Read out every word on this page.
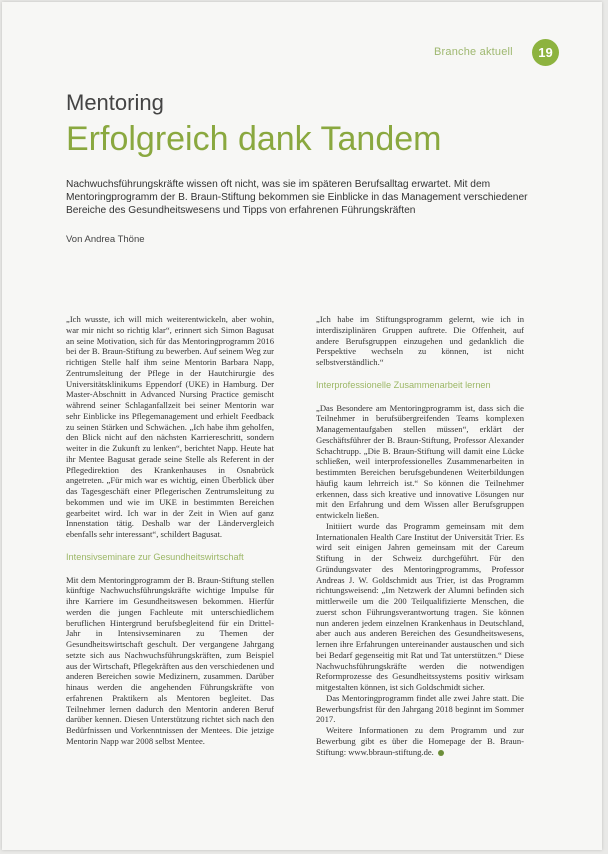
Branche aktuell	19
Mentoring
Erfolgreich dank Tandem
Nachwuchsführungskräfte wissen oft nicht, was sie im späteren Berufsalltag erwartet. Mit dem Mentoringprogramm der B. Braun-Stiftung bekommen sie Einblicke in das Management verschiedener Bereiche des Gesundheitswesens und Tipps von erfahrenen Führungskräften
Von Andrea Thöne

„Ich wusste, ich will mich weiterentwickeln, aber wohin, war mir nicht so richtig klar“, erinnert sich Simon Bagusat an seine Motivation, sich für das Mentoringprogramm 2016 bei der B. Braun-Stiftung zu bewerben. Auf seinem Weg zur richtigen Stelle half ihm seine Mentorin Barbara Napp, Zentrumsleitung der Pflege in der Hautchirurgie des Universitätsklinikums Eppendorf (UKE) in Hamburg. Der Master-Abschnitt in Advanced Nursing Practice gemischt während seiner Schlaganfallzeit bei seiner Mentorin war sehr Einblicke ins Pflegemanagement und erhielt Feedback zu seinen Stärken und Schwächen. „Ich habe ihm geholfen, den Blick nicht auf den nächsten Karriereschritt, sondern weiter in die Zukunft zu lenken“, berichtet Napp. Heute hat ihr Mentee Bagusat gerade seine Stelle als Referent in der Pflegedirektion des Krankenhauses in Osnabrück angetreten. „Für mich war es wichtig, einen Überblick über das Tagesgeschäft einer Pflegerischen Zentrumsleitung zu bekommen und wie im UKE in bestimmten Bereichen gearbeitet wird. Ich war in der Zeit in Wien auf ganz Innenstation tätig. Deshalb war der Ländervergleich ebenfalls sehr interessant“, schildert Bagusat.

Intensivseminare zur Gesundheitswirtschaft

Mit dem Mentoringprogramm der B. Braun-Stiftung stellen künftige Nachwuchsführungskräfte wichtige Impulse für ihre Karriere im Gesundheitswesen bekommen. Hierfür werden die jungen Fachleute mit unterschiedlichem beruflichen Hintergrund berufsbegleitend für ein Drittel-Jahr in Intensivseminaren zu Themen der Gesundheitswirtschaft geschult. Der vergangene Jahrgang setzte sich aus Nachwuchsführungskräften, zum Beispiel aus der Wirtschaft, Pflegekräften aus den verschiedenen und anderen Bereichen sowie Medizinern, zusammen. Darüber hinaus werden die angehenden Führungskräfte von erfahrenen Praktikern als Mentoren begleitet. Das Teilnehmer lernen dadurch den Mentorin anderen Beruf darüber kennen. Diesen Unterstützung richtet sich nach den Bedürfnissen und Vorkenntnissen der Mentees. Die jetzige Mentorin Napp war 2008 selbst Mentee.

„Ich habe im Stiftungsprogramm gelernt, wie ich in interdisziplinären Gruppen auftrete. Die Offenheit, auf andere Berufsgruppen einzugehen und gedanklich die Perspektive wechseln zu können, ist nicht selbstverständlich.“

Interprofessionelle Zusammenarbeit lernen

„Das Besondere am Mentoringprogramm ist, dass sich die Teilnehmer in berufsübergreifenden Teams komplexen Managementaufgaben stellen müssen“, erklärt der Geschäftsführer der B. Braun-Stiftung, Professor Alexander Schachtrupp. „Die B. Braun-Stiftung will damit eine Lücke schließen, weil interprofessionelles Zusammenarbeiten in bestimmten Bereichen berufsgebundenen Weiterbildungen häufig kaum lehrreich ist.“ So können die Teilnehmer erkennen, dass sich kreative und innovative Lösungen nur mit den Erfahrung und dem Wissen aller Berufsgruppen entwickeln ließen.

Initiiert wurde das Programm gemeinsam mit dem Internationalen Health Care Institut der Universität Trier. Es wird seit einigen Jahren gemeinsam mit der Careum Stiftung in der Schweiz durchgeführt. Für den Gründungsvater des Mentoringprogramms, Professor Andreas J. W. Goldschmidt aus Trier, ist das Programm richtungsweisend: „Im Netzwerk der Alumni befinden sich mittlerweile um die 200 Teilqualifizierte Menschen, die zuerst schon Führungsverantwortung tragen. Sie können nun anderen jedem einzelnen Krankenhaus in Deutschland, aber auch aus anderen Bereichen des Gesundheitswesens, lernen ihre Erfahrungen untereinander austauschen und sich bei Bedarf gegenseitig mit Rat und Tat unterstützen.“ Diese Nachwuchsführungskräfte werden die notwendigen Reformprozesse des Gesundheitssystems positiv wirksam mitgestalten können, ist sich Goldschmidt sicher.

Das Mentoringprogramm findet alle zwei Jahre statt. Die Bewerbungsfrist für den Jahrgang 2018 beginnt im Sommer 2017.

Weitere Informationen zu dem Programm und zur Bewerbung gibt es über die Homepage der B. Braun-Stiftung: www.bbraun-stiftung.de.
